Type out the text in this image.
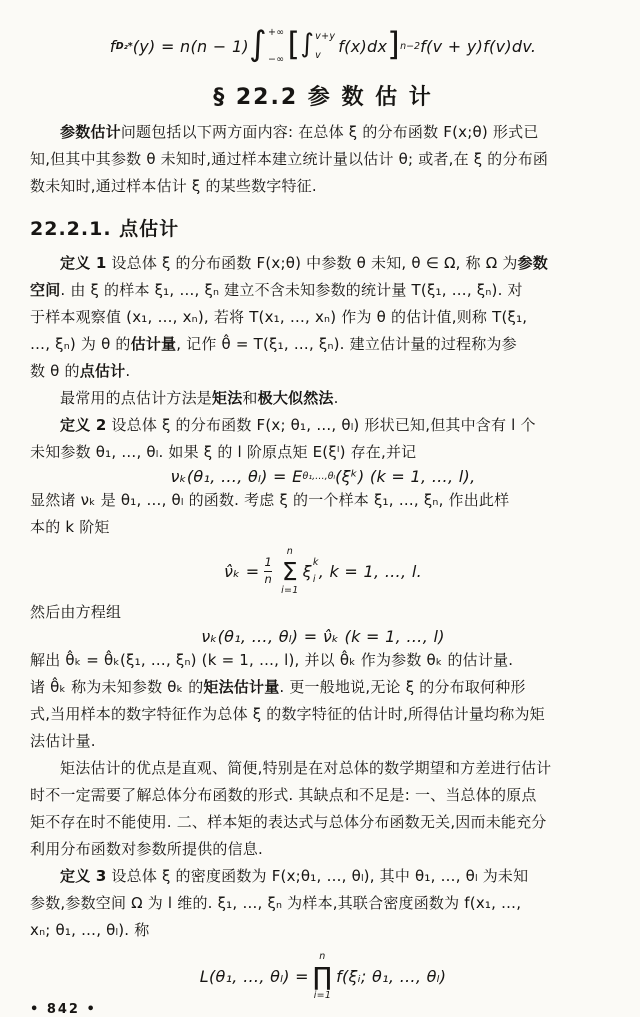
f D₂* (y) = n(n − 1) ∫ +∞
−∞ [ ∫ v+y
v	f(x)dx ] n−2 f(v + y)f(v)dv.
§ 22.2 参 数 估 计
参数估计问题包括以下两方面内容: 在总体 ξ 的分布函数 F(x;θ) 形式已
知,但其中其参数 θ 未知时,通过样本建立统计量以估计 θ; 或者,在 ξ 的分布函
数未知时,通过样本估计 ξ 的某些数字特征.
22.2.1. 点估计
定义 1 设总体 ξ 的分布函数 F(x;θ) 中参数 θ 未知, θ ∈ Ω, 称 Ω 为参数
空间. 由 ξ 的样本 ξ₁, …, ξₙ 建立不含未知参数的统计量 T(ξ₁, …, ξₙ). 对
于样本观察值 (x₁, …, xₙ), 若将 T(x₁, …, xₙ) 作为 θ 的估计值,则称 T(ξ₁,
…, ξₙ) 为 θ 的估计量, 记作 θ̂ = T(ξ₁, …, ξₙ). 建立估计量的过程称为参
数 θ 的点估计.
最常用的点估计方法是矩法和极大似然法.
定义 2 设总体 ξ 的分布函数 F(x; θ₁, …, θₗ) 形状已知,但其中含有 l 个
未知参数 θ₁, …, θₗ. 如果 ξ 的 l 阶原点矩 E(ξˡ) 存在,并记
νₖ(θ₁, …, θₗ) = E θ₁,…,θₗ (ξᵏ) (k = 1, …, l),
显然诸 νₖ 是 θ₁, …, θₗ 的函数. 考虑 ξ 的一个样本 ξ₁, …, ξₙ, 作出此样
本的 k 阶矩
ν̂ₖ = $\frac{1}{n}$
n
Σ
i=1
ξ k
i , k = 1, …, l.
然后由方程组
νₖ(θ₁, …, θₗ) = ν̂ₖ (k = 1, …, l)
解出 θ̂ₖ = θ̂ₖ(ξ₁, …, ξₙ) (k = 1, …, l), 并以 θ̂ₖ 作为参数 θₖ 的估计量.
诸 θ̂ₖ 称为未知参数 θₖ 的矩法估计量. 更一般地说,无论 ξ 的分布取何种形
式,当用样本的数字特征作为总体 ξ 的数字特征的估计时,所得估计量均称为矩
法估计量.
矩法估计的优点是直观、简便,特别是在对总体的数学期望和方差进行估计
时不一定需要了解总体分布函数的形式. 其缺点和不足是: 一、当总体的原点
矩不存在时不能使用. 二、样本矩的表达式与总体分布函数无关,因而未能充分
利用分布函数对参数所提供的信息.
定义 3 设总体 ξ 的密度函数为 F(x;θ₁, …, θₗ), 其中 θ₁, …, θₗ 为未知
参数,参数空间 Ω 为 l 维的. ξ₁, …, ξₙ 为样本,其联合密度函数为 f(x₁, …,
xₙ; θ₁, …, θₗ). 称
L(θ₁, …, θₗ) =
n
∏
i=1
f(ξᵢ; θ₁, …, θₗ)
• 842 •
